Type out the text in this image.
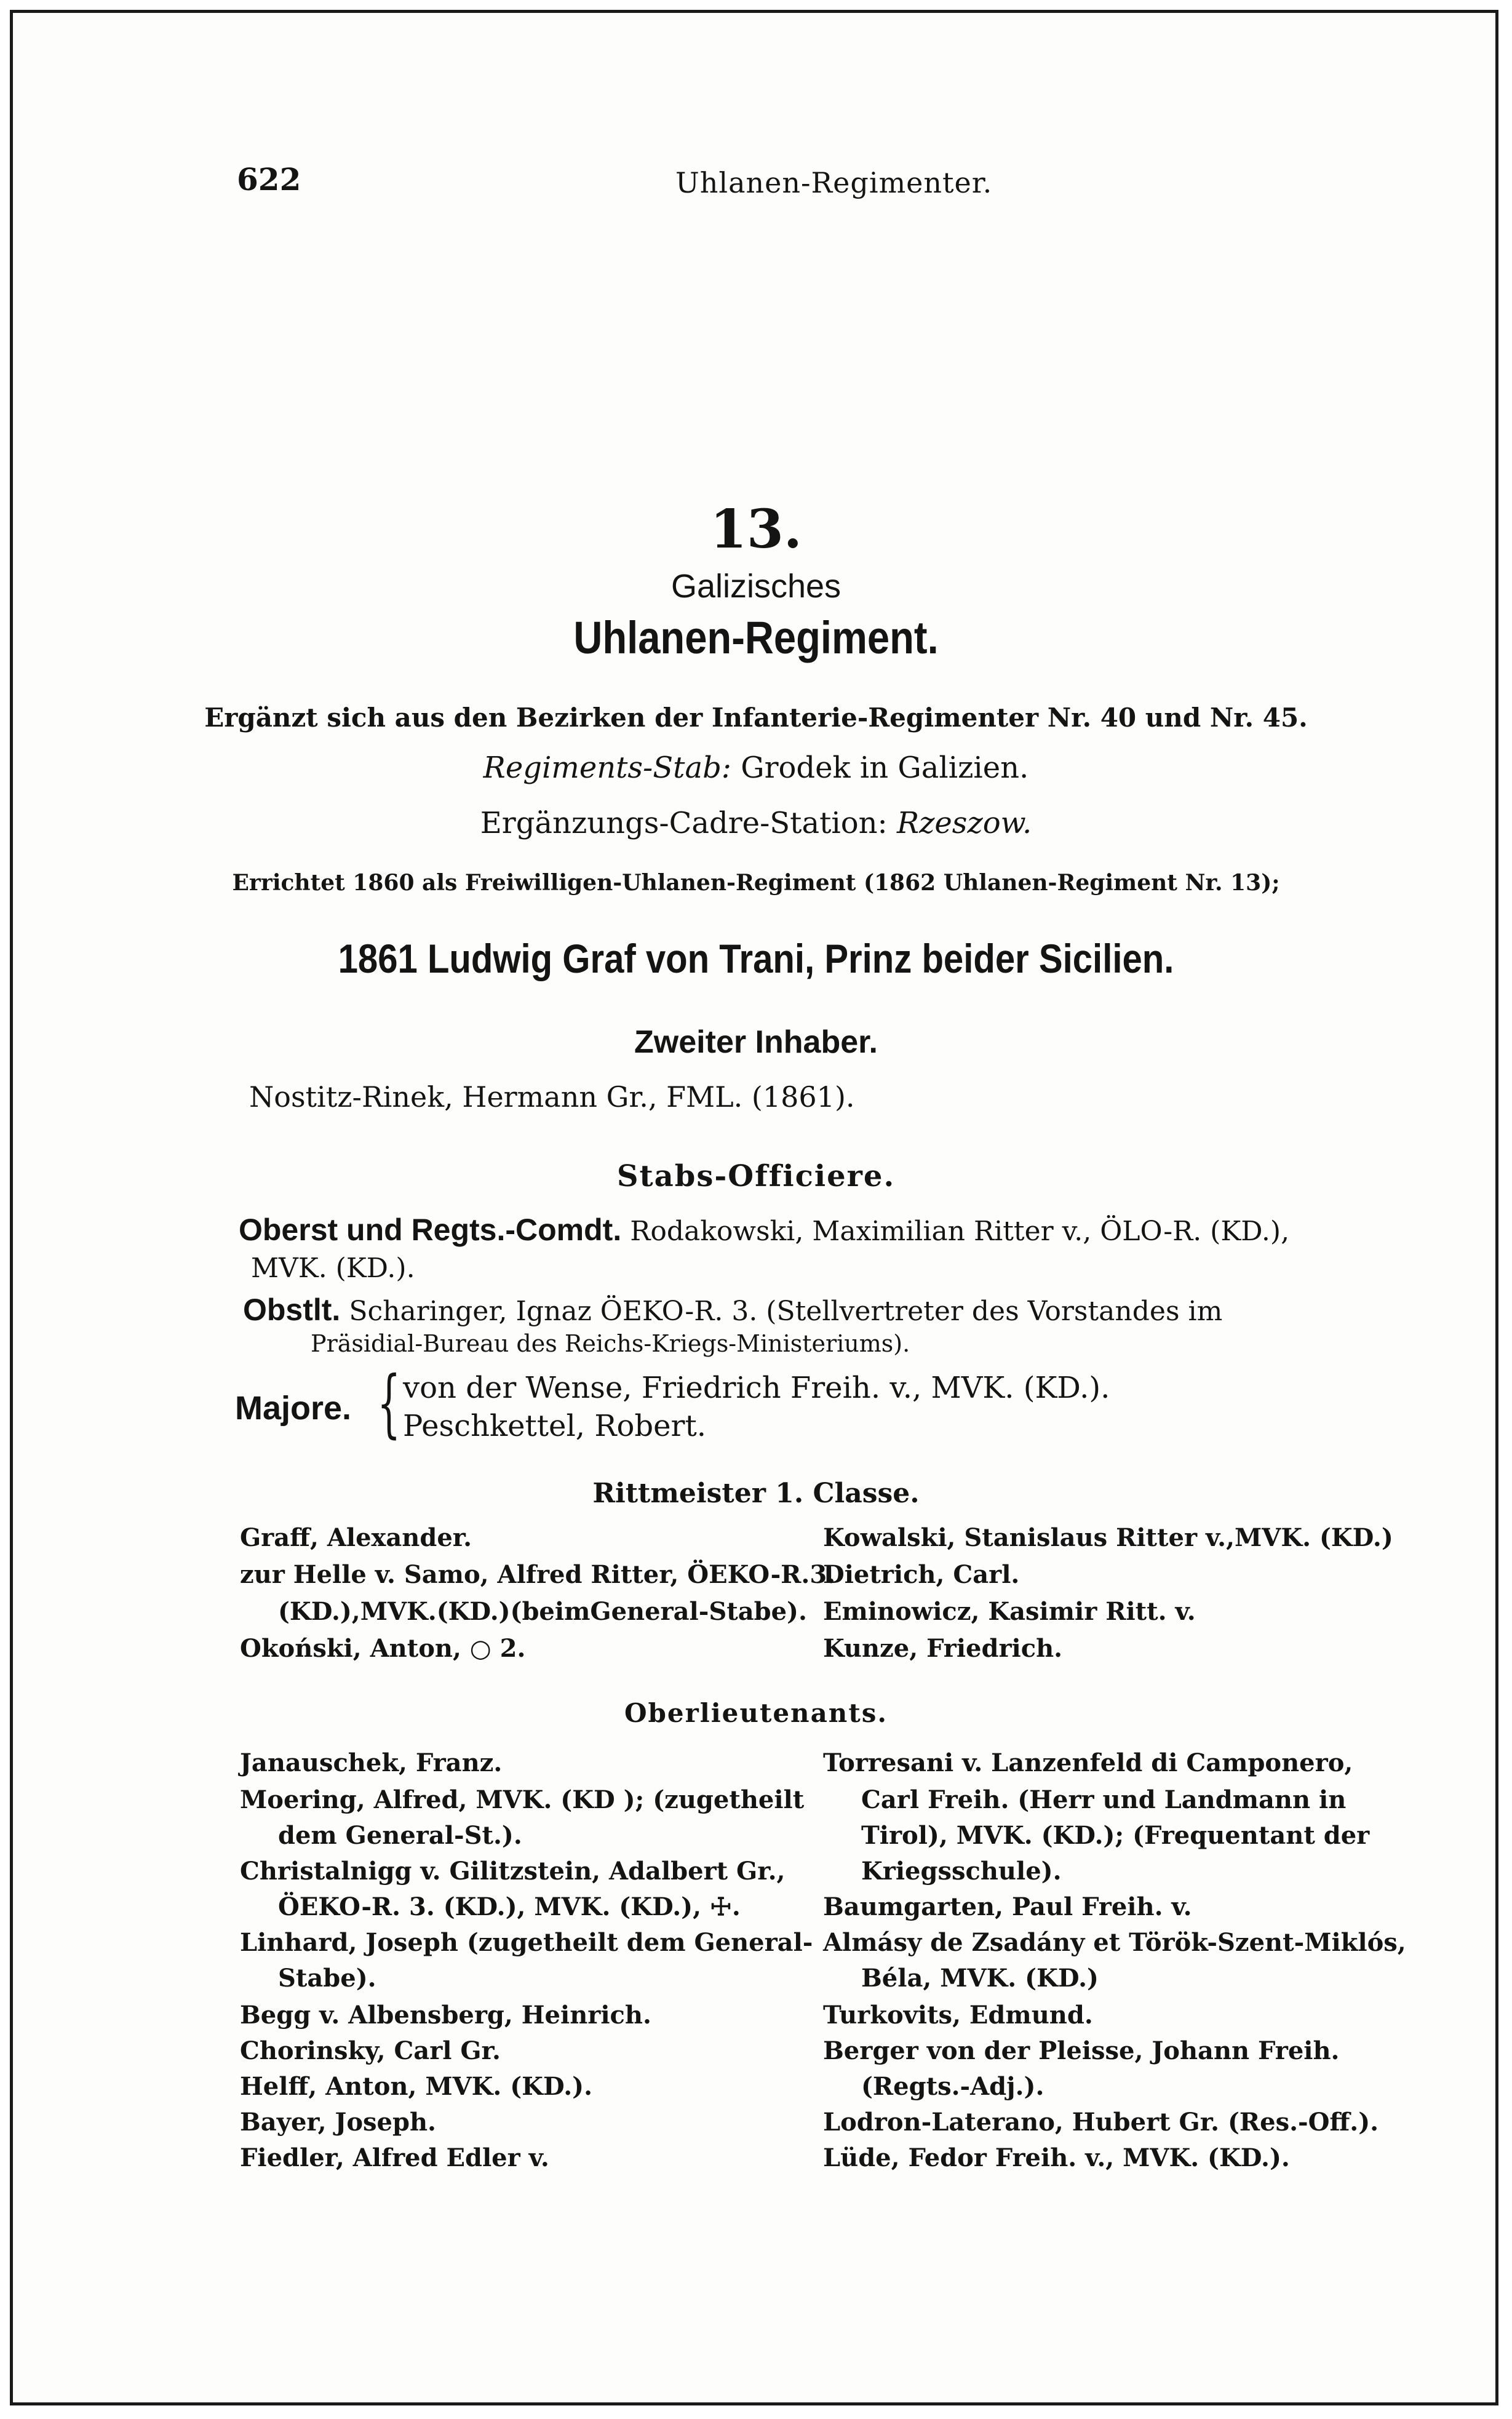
622	Uhlanen-Regimenter.
13.
Galizisches
Uhlanen-Regiment.
Ergänzt sich aus den Bezirken der Infanterie-Regimenter Nr. 40 und Nr. 45.
Regiments-Stab: Grodek in Galizien.
Ergänzungs-Cadre-Station: Rzeszow.
Errichtet 1860 als Freiwilligen-Uhlanen-Regiment (1862 Uhlanen-Regiment Nr. 13);
1861 Ludwig Graf von Trani, Prinz beider Sicilien.
Zweiter Inhaber.
Nostitz-Rinek, Hermann Gr., FML. (1861).
Stabs-Officiere.
Oberst und Regts.-Comdt. Rodakowski, Maximilian Ritter v., ÖLO-R. (KD.),
MVK. (KD.).
Obstlt. Scharinger, Ignaz ÖEKO-R. 3. (Stellvertreter des Vorstandes im
Präsidial-Bureau des Reichs-Kriegs-Ministeriums).
Majore. { von der Wense, Friedrich Freih. v., MVK. (KD.).
Peschkettel, Robert.
Rittmeister 1. Classe.
Graff, Alexander.
zur Helle v. Samo, Alfred Ritter, ÖEKO-R.3.
(KD.),MVK.(KD.)(beimGeneral-Stabe).
Okoński, Anton, ○ 2.
Kowalski, Stanislaus Ritter v.,MVK. (KD.)
Dietrich, Carl.
Eminowicz, Kasimir Ritt. v.
Kunze, Friedrich.
Oberlieutenants.
Janauschek, Franz.
Moering, Alfred, MVK. (KD ); (zugetheilt
dem General-St.).
Christalnigg v. Gilitzstein, Adalbert Gr.,
ÖEKO-R. 3. (KD.), MVK. (KD.), ☩.
Linhard, Joseph (zugetheilt dem General-
Stabe).
Begg v. Albensberg, Heinrich.
Chorinsky, Carl Gr.
Helff, Anton, MVK. (KD.).
Bayer, Joseph.
Fiedler, Alfred Edler v.
Torresani v. Lanzenfeld di Camponero,
Carl Freih. (Herr und Landmann in
Tirol), MVK. (KD.); (Frequentant der
Kriegsschule).
Baumgarten, Paul Freih. v.
Almásy de Zsadány et Török-Szent-Miklós,
Béla, MVK. (KD.)
Turkovits, Edmund.
Berger von der Pleisse, Johann Freih.
(Regts.-Adj.).
Lodron-Laterano, Hubert Gr. (Res.-Off.).
Lüde, Fedor Freih. v., MVK. (KD.).
